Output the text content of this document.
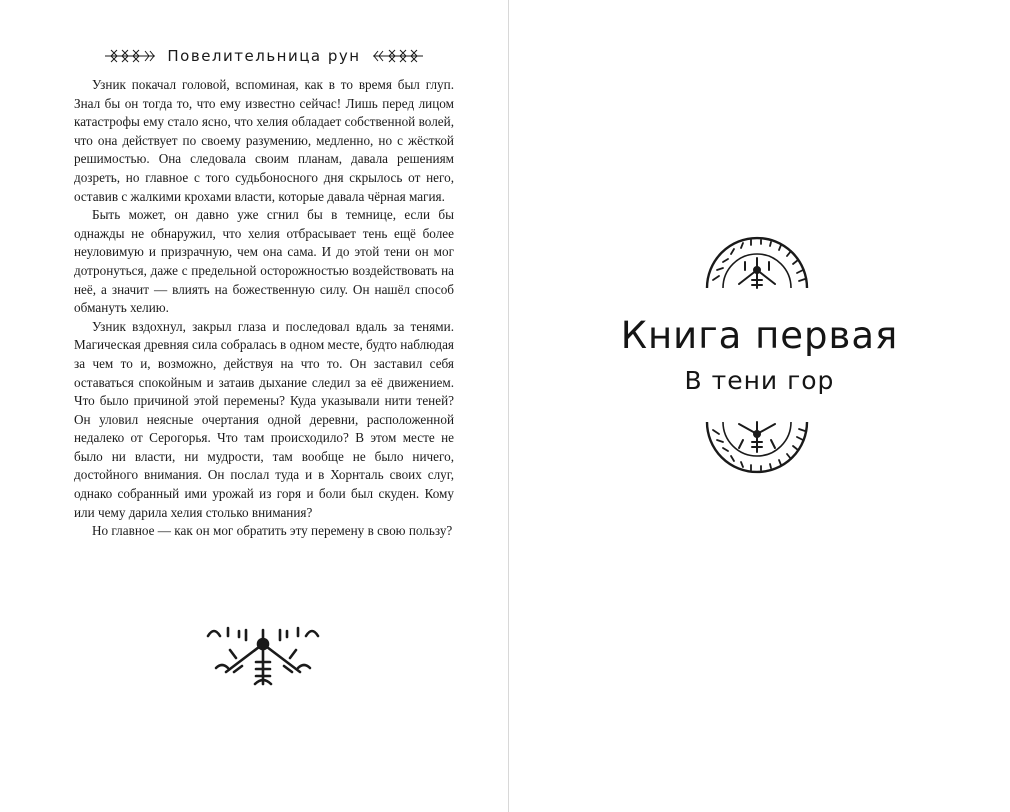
Повелительница рун

Узник покачал головой, вспоминая, как в то время был глуп. Знал бы он тогда то, что ему известно сейчас! Лишь перед лицом катастрофы ему стало ясно, что хелия обладает собственной волей, что она действует по своему разумению, медленно, но с жёсткой решимостью. Она следовала своим планам, давала решениям дозреть, но главное с того судьбоносного дня скрылось от него, оставив с жалкими крохами власти, которые давала чёрная магия.

Быть может, он давно уже сгнил бы в темнице, если бы однажды не обнаружил, что хелия отбрасывает тень ещё более неуловимую и призрачную, чем она сама. И до этой тени он мог дотронуться, даже с предельной осторожностью воздействовать на неё, а значит — влиять на божественную силу. Он нашёл способ обмануть хелию.

Узник вздохнул, закрыл глаза и последовал вдаль за тенями. Магическая древняя сила собралась в одном месте, будто наблюдая за чем то и, возможно, действуя на что то. Он заставил себя оставаться спокойным и затаив дыхание следил за её движением. Что было причиной этой перемены? Куда указывали нити теней? Он уловил неясные очертания одной деревни, расположенной недалеко от Серогорья. Что там происходило? В этом месте не было ни власти, ни мудрости, там вообще не было ничего, достойного внимания. Он послал туда и в Хорнталь своих слуг, однако собранный ими урожай из горя и боли был скуден. Кому или чему дарила хелия столько внимания?

Но главное — как он мог обратить эту перемену в свою пользу?

Книга первая
В тени гор
